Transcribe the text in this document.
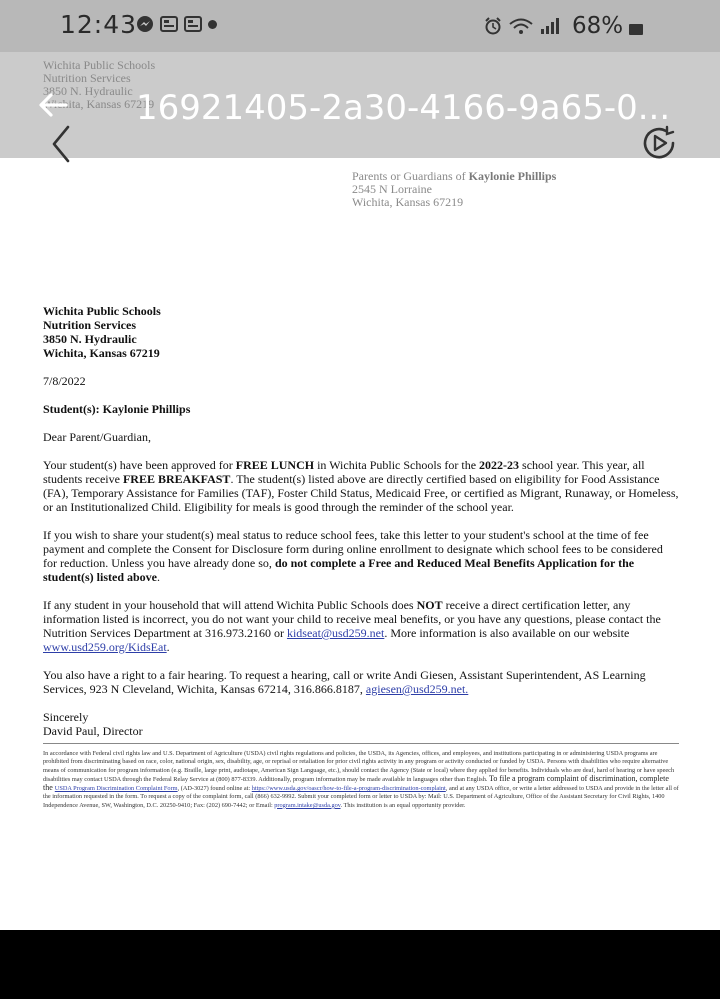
12:43	68%
16921405-2a30-4166-9a65-0...
Parents or Guardians of Kaylonie Phillips
2545 N Lorraine
Wichita, Kansas 67219

Wichita Public Schools
Nutrition Services
3850 N. Hydraulic
Wichita, Kansas 67219

7/8/2022

Student(s): Kaylonie Phillips

Dear Parent/Guardian,

Your student(s) have been approved for FREE LUNCH in Wichita Public Schools for the 2022-23 school year. This year, all students receive FREE BREAKFAST. The student(s) listed above are directly certified based on eligibility for Food Assistance (FA), Temporary Assistance for Families (TAF), Foster Child Status, Medicaid Free, or certified as Migrant, Runaway, or Homeless, or an Institutionalized Child. Eligibility for meals is good through the reminder of the school year.

If you wish to share your student(s) meal status to reduce school fees, take this letter to your student's school at the time of fee payment and complete the Consent for Disclosure form during online enrollment to designate which school fees to be considered for reduction. Unless you have already done so, do not complete a Free and Reduced Meal Benefits Application for the student(s) listed above.

If any student in your household that will attend Wichita Public Schools does NOT receive a direct certification letter, any information listed is incorrect, you do not want your child to receive meal benefits, or you have any questions, please contact the Nutrition Services Department at 316.973.2160 or kidseat@usd259.net. More information is also available on our website www.usd259.org/KidsEat.

You also have a right to a fair hearing. To request a hearing, call or write Andi Giesen, Assistant Superintendent, AS Learning Services, 923 N Cleveland, Wichita, Kansas 67214, 316.866.8187, agiesen@usd259.net.

Sincerely
David Paul, Director

In accordance with Federal civil rights law and U.S. Department of Agriculture (USDA) civil rights regulations and policies, the USDA, its Agencies, offices, and employees, and institutions participating in or administering USDA programs are prohibited from discriminating based on race, color, national origin, sex, disability, age, or reprisal or retaliation for prior civil rights activity in any program or activity conducted or funded by USDA. Persons with disabilities who require alternative means of communication for program information (e.g. Braille, large print, audiotape, American Sign Language, etc.), should contact the Agency (State or local) where they applied for benefits. Individuals who are deaf, hard of hearing or have speech disabilities may contact USDA through the Federal Relay Service at (800) 877-8339. Additionally, program information may be made available in languages other than English. To file a program complaint of discrimination, complete the USDA Program Discrimination Complaint Form, (AD-3027) found online at: https://www.usda.gov/oascr/how-to-file-a-program-discrimination-complaint, and at any USDA office, or write a letter addressed to USDA and provide in the letter all of the information requested in the form. To request a copy of the complaint form, call (866) 632-9992. Submit your completed form or letter to USDA by: Mail: U.S. Department of Agriculture, Office of the Assistant Secretary for Civil Rights, 1400 Independence Avenue, SW, Washington, D.C. 20250-9410; Fax: (202) 690-7442; or Email: program.intake@usda.gov. This institution is an equal opportunity provider.
